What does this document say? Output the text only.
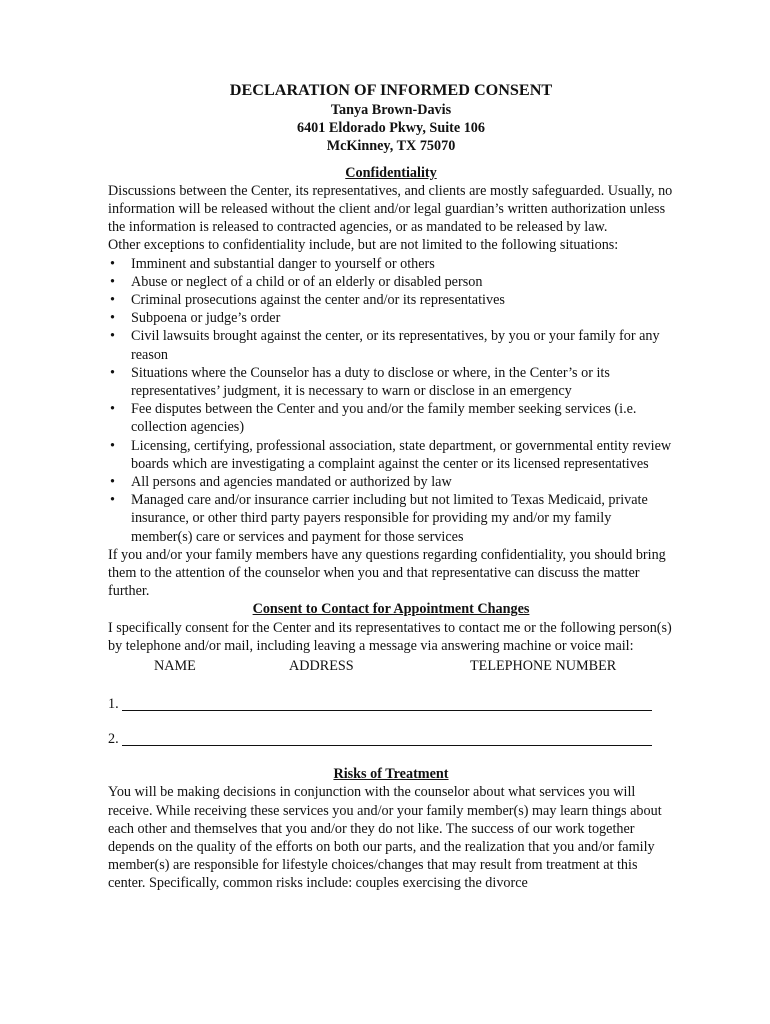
DECLARATION OF INFORMED CONSENT
Tanya Brown-Davis
6401 Eldorado Pkwy, Suite 106
McKinney, TX 75070
Confidentiality

Discussions between the Center, its representatives, and clients are mostly safeguarded. Usually, no information will be released without the client and/or legal guardian’s written authorization unless the information is released to contracted agencies, or as mandated to be released by law.

Other exceptions to confidentiality include, but are not limited to the following situations:

• Imminent and substantial danger to yourself or others
• Abuse or neglect of a child or of an elderly or disabled person
• Criminal prosecutions against the center and/or its representatives
• Subpoena or judge’s order
• Civil lawsuits brought against the center, or its representatives, by you or your family for any reason
• Situations where the Counselor has a duty to disclose or where, in the Center’s or its representatives’ judgment, it is necessary to warn or disclose in an emergency
• Fee disputes between the Center and you and/or the family member seeking services (i.e. collection agencies)
• Licensing, certifying, professional association, state department, or governmental entity review boards which are investigating a complaint against the center or its licensed representatives
• All persons and agencies mandated or authorized by law
• Managed care and/or insurance carrier including but not limited to Texas Medicaid, private insurance, or other third party payers responsible for providing my and/or my family member(s) care or services and payment for those services

If you and/or your family members have any questions regarding confidentiality, you should bring them to the attention of the counselor when you and that representative can discuss the matter further.

Consent to Contact for Appointment Changes

I specifically consent for the Center and its representatives to contact me or the following person(s) by telephone and/or mail, including leaving a message via answering machine or voice mail:

NAME	ADDRESS	TELEPHONE NUMBER
1.
2.
Risks of Treatment

You will be making decisions in conjunction with the counselor about what services you will receive. While receiving these services you and/or your family member(s) may learn things about each other and themselves that you and/or they do not like. The success of our work together depends on the quality of the efforts on both our parts, and the realization that you and/or family member(s) are responsible for lifestyle choices/changes that may result from treatment at this center. Specifically, common risks include: couples exercising the divorce
